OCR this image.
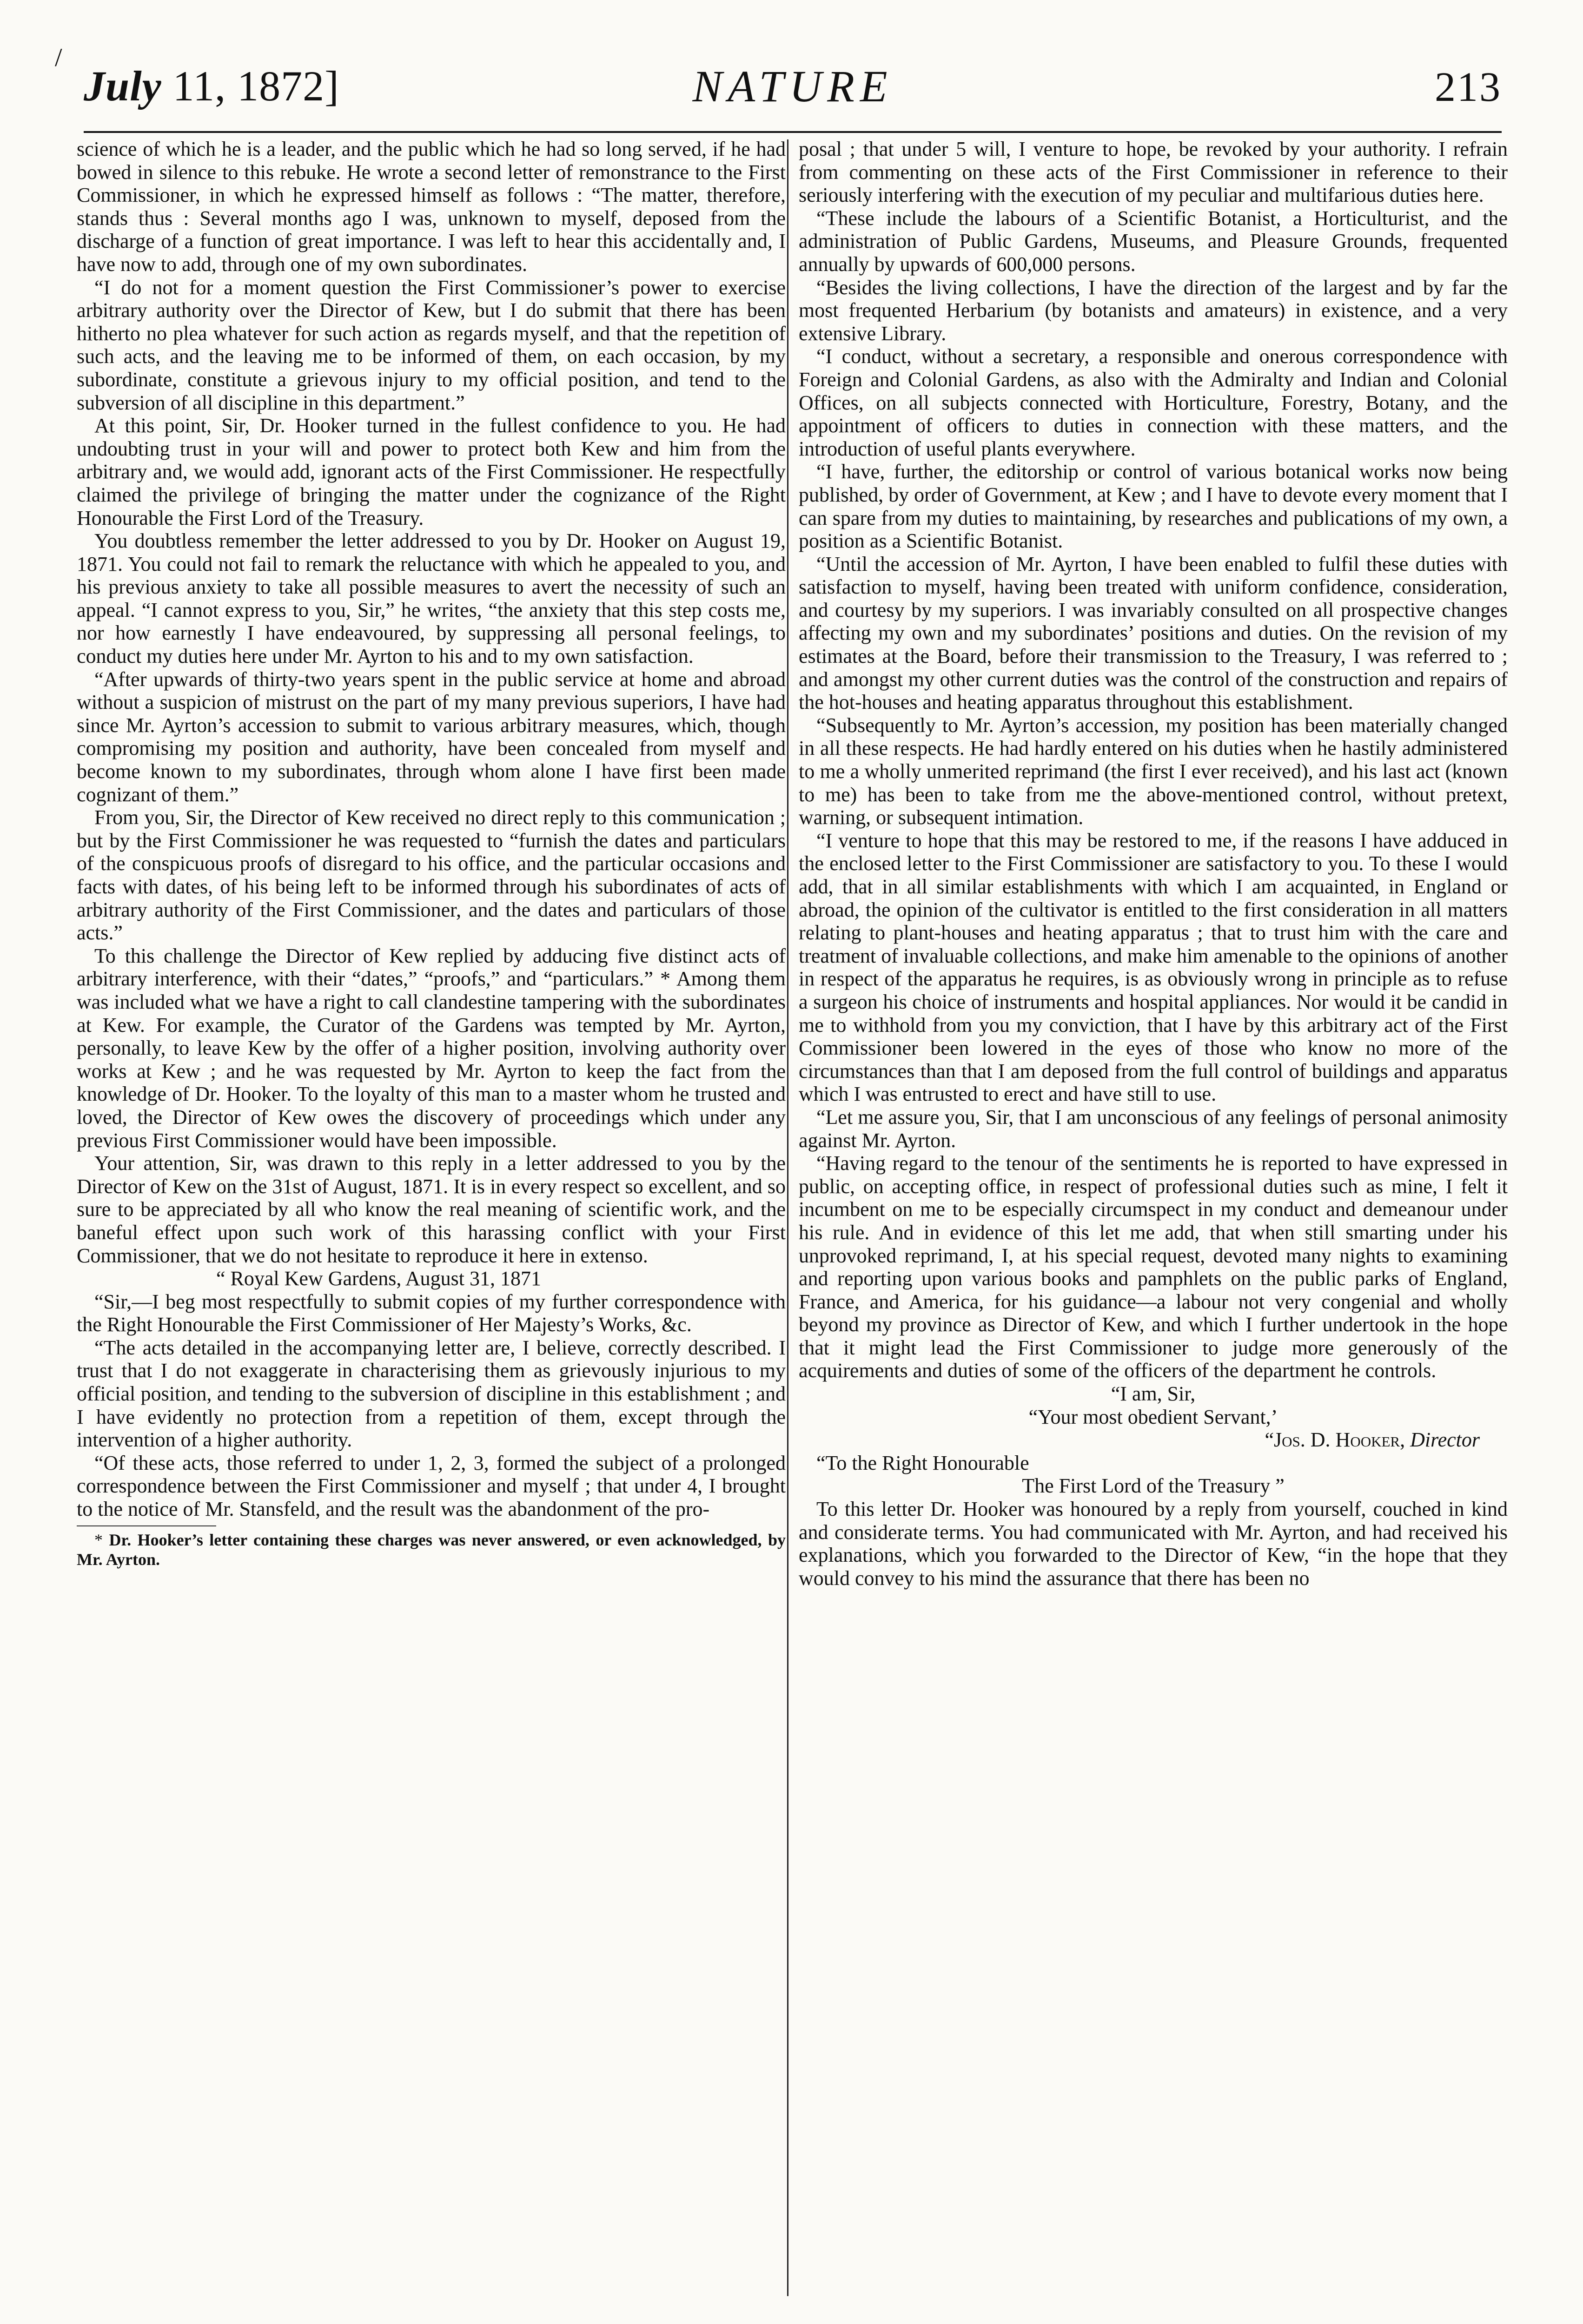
/
July 11, 1872]	NATURE	213

science of which he is a leader, and the public which he had so long served, if he had bowed in silence to this rebuke. He wrote a second letter of remonstrance to the First Commissioner, in which he expressed himself as follows : “The matter, therefore, stands thus : Several months ago I was, unknown to myself, deposed from the discharge of a function of great importance. I was left to hear this accidentally and, I have now to add, through one of my own subordinates.

“I do not for a moment question the First Commissioner’s power to exercise arbitrary authority over the Director of Kew, but I do submit that there has been hitherto no plea whatever for such action as regards myself, and that the repetition of such acts, and the leaving me to be informed of them, on each occasion, by my subordinate, constitute a grievous injury to my official position, and tend to the subversion of all discipline in this department.”

At this point, Sir, Dr. Hooker turned in the fullest confidence to you. He had undoubting trust in your will and power to protect both Kew and him from the arbitrary and, we would add, ignorant acts of the First Commissioner. He respectfully claimed the privilege of bringing the matter under the cognizance of the Right Honourable the First Lord of the Treasury.

You doubtless remember the letter addressed to you by Dr. Hooker on August 19, 1871. You could not fail to remark the reluctance with which he appealed to you, and his previous anxiety to take all possible measures to avert the necessity of such an appeal. “I cannot express to you, Sir,” he writes, “the anxiety that this step costs me, nor how earnestly I have endeavoured, by suppressing all personal feelings, to conduct my duties here under Mr. Ayrton to his and to my own satisfaction.

“After upwards of thirty-two years spent in the public service at home and abroad without a suspicion of mistrust on the part of my many previous superiors, I have had since Mr. Ayrton’s accession to submit to various arbitrary measures, which, though compromising my position and authority, have been concealed from myself and become known to my subordinates, through whom alone I have first been made cognizant of them.”

From you, Sir, the Director of Kew received no direct reply to this communication ; but by the First Commissioner he was requested to “furnish the dates and particulars of the conspicuous proofs of disregard to his office, and the particular occasions and facts with dates, of his being left to be informed through his subordinates of acts of arbitrary authority of the First Commissioner, and the dates and particulars of those acts.”

To this challenge the Director of Kew replied by adducing five distinct acts of arbitrary interference, with their “dates,” “proofs,” and “particulars.” * Among them was included what we have a right to call clandestine tampering with the subordinates at Kew. For example, the Curator of the Gardens was tempted by Mr. Ayrton, personally, to leave Kew by the offer of a higher position, involving authority over works at Kew ; and he was requested by Mr. Ayrton to keep the fact from the knowledge of Dr. Hooker. To the loyalty of this man to a master whom he trusted and loved, the Director of Kew owes the discovery of proceedings which under any previous First Commissioner would have been impossible.

Your attention, Sir, was drawn to this reply in a letter addressed to you by the Director of Kew on the 31st of August, 1871. It is in every respect so excellent, and so sure to be appreciated by all who know the real meaning of scientific work, and the baneful effect upon such work of this harassing conflict with your First Commissioner, that we do not hesitate to reproduce it here in extenso.

“ Royal Kew Gardens, August 31, 1871

“Sir,—I beg most respectfully to submit copies of my further correspondence with the Right Honourable the First Commissioner of Her Majesty’s Works, &c.

“The acts detailed in the accompanying letter are, I believe, correctly described. I trust that I do not exaggerate in characterising them as grievously injurious to my official position, and tending to the subversion of discipline in this establishment ; and I have evidently no protection from a repetition of them, except through the intervention of a higher authority.

“Of these acts, those referred to under 1, 2, 3, formed the subject of a prolonged correspondence between the First Commissioner and myself ; that under 4, I brought to the notice of Mr. Stansfeld, and the result was the abandonment of the pro-

* Dr. Hooker’s letter containing these charges was never answered, or even acknowledged, by Mr. Ayrton.

posal ; that under 5 will, I venture to hope, be revoked by your authority. I refrain from commenting on these acts of the First Commissioner in reference to their seriously interfering with the execution of my peculiar and multifarious duties here.

“These include the labours of a Scientific Botanist, a Horticulturist, and the administration of Public Gardens, Museums, and Pleasure Grounds, frequented annually by upwards of 600,000 persons.

“Besides the living collections, I have the direction of the largest and by far the most frequented Herbarium (by botanists and amateurs) in existence, and a very extensive Library.

“I conduct, without a secretary, a responsible and onerous correspondence with Foreign and Colonial Gardens, as also with the Admiralty and Indian and Colonial Offices, on all subjects connected with Horticulture, Forestry, Botany, and the appointment of officers to duties in connection with these matters, and the introduction of useful plants everywhere.

“I have, further, the editorship or control of various botanical works now being published, by order of Government, at Kew ; and I have to devote every moment that I can spare from my duties to maintaining, by researches and publications of my own, a position as a Scientific Botanist.

“Until the accession of Mr. Ayrton, I have been enabled to fulfil these duties with satisfaction to myself, having been treated with uniform confidence, consideration, and courtesy by my superiors. I was invariably consulted on all prospective changes affecting my own and my subordinates’ positions and duties. On the revision of my estimates at the Board, before their transmission to the Treasury, I was referred to ; and amongst my other current duties was the control of the construction and repairs of the hot-houses and heating apparatus throughout this establishment.

“Subsequently to Mr. Ayrton’s accession, my position has been materially changed in all these respects. He had hardly entered on his duties when he hastily administered to me a wholly unmerited reprimand (the first I ever received), and his last act (known to me) has been to take from me the above-mentioned control, without pretext, warning, or subsequent intimation.

“I venture to hope that this may be restored to me, if the reasons I have adduced in the enclosed letter to the First Commissioner are satisfactory to you. To these I would add, that in all similar establishments with which I am acquainted, in England or abroad, the opinion of the cultivator is entitled to the first consideration in all matters relating to plant-houses and heating apparatus ; that to trust him with the care and treatment of invaluable collections, and make him amenable to the opinions of another in respect of the apparatus he requires, is as obviously wrong in principle as to refuse a surgeon his choice of instruments and hospital appliances. Nor would it be candid in me to withhold from you my conviction, that I have by this arbitrary act of the First Commissioner been lowered in the eyes of those who know no more of the circumstances than that I am deposed from the full control of buildings and apparatus which I was entrusted to erect and have still to use.

“Let me assure you, Sir, that I am unconscious of any feelings of personal animosity against Mr. Ayrton.

“Having regard to the tenour of the sentiments he is reported to have expressed in public, on accepting office, in respect of professional duties such as mine, I felt it incumbent on me to be especially circumspect in my conduct and demeanour under his rule. And in evidence of this let me add, that when still smarting under his unprovoked reprimand, I, at his special request, devoted many nights to examining and reporting upon various books and pamphlets on the public parks of England, France, and America, for his guidance—a labour not very congenial and wholly beyond my province as Director of Kew, and which I further undertook in the hope that it might lead the First Commissioner to judge more generously of the acquirements and duties of some of the officers of the department he controls.

“I am, Sir,

“Your most obedient Servant,’

“Jos. D. Hooker, Director

“To the Right Honourable

The First Lord of the Treasury ”

To this letter Dr. Hooker was honoured by a reply from yourself, couched in kind and considerate terms. You had communicated with Mr. Ayrton, and had received his explanations, which you forwarded to the Director of Kew, “in the hope that they would convey to his mind the assurance that there has been no
